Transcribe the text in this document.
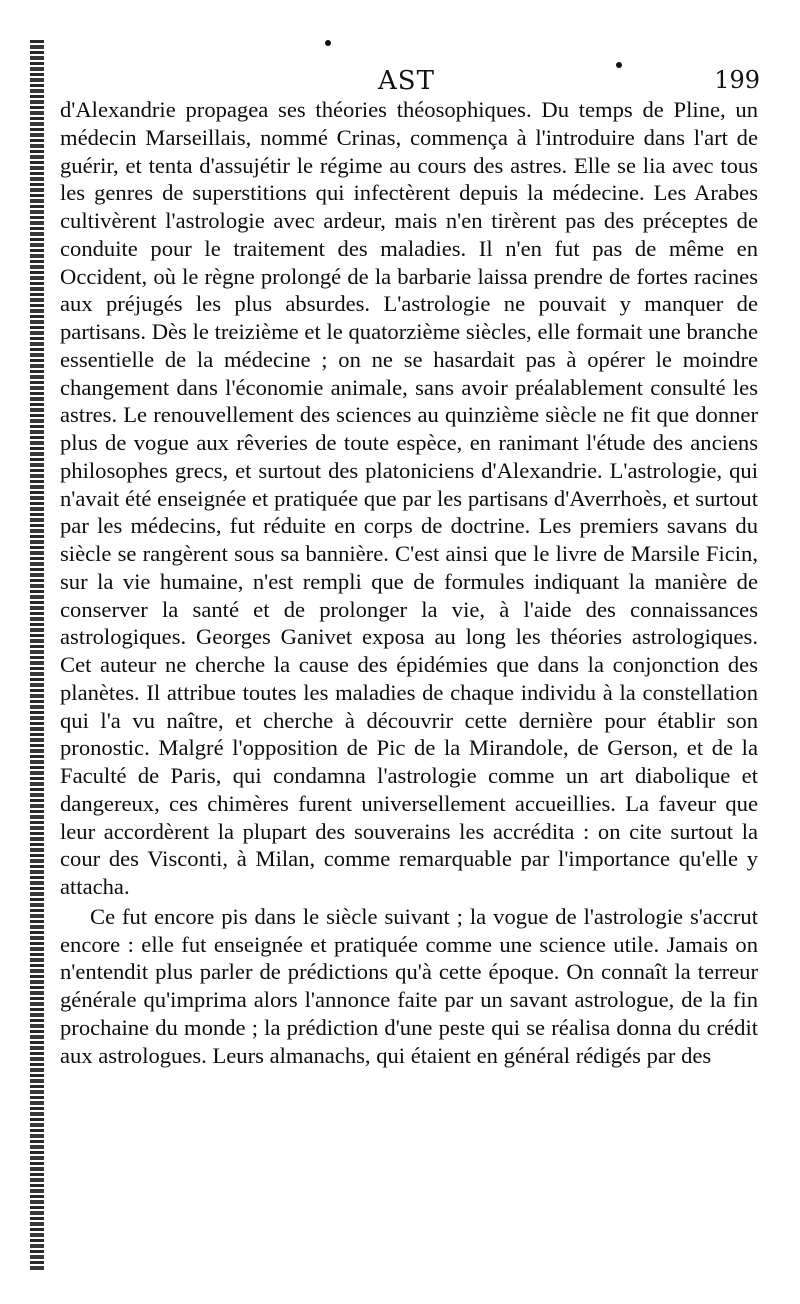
AST	199

d'Alexandrie propagea ses théories théosophiques. Du temps de Pline, un médecin Marseillais, nommé Crinas, commença à l'introduire dans l'art de guérir, et tenta d'assujétir le régime au cours des astres. Elle se lia avec tous les genres de superstitions qui infectèrent depuis la médecine. Les Arabes cultivèrent l'astrologie avec ardeur, mais n'en tirèrent pas des préceptes de conduite pour le traitement des maladies. Il n'en fut pas de même en Occident, où le règne prolongé de la barbarie laissa prendre de fortes racines aux préjugés les plus absurdes. L'astrologie ne pouvait y manquer de partisans. Dès le treizième et le quatorzième siècles, elle formait une branche essentielle de la médecine ; on ne se hasardait pas à opérer le moindre changement dans l'économie animale, sans avoir préalablement consulté les astres. Le renouvellement des sciences au quinzième siècle ne fit que donner plus de vogue aux rêveries de toute espèce, en ranimant l'étude des anciens philosophes grecs, et surtout des platoniciens d'Alexandrie. L'astrologie, qui n'avait été enseignée et pratiquée que par les partisans d'Averrhoès, et surtout par les médecins, fut réduite en corps de doctrine. Les premiers savans du siècle se rangèrent sous sa bannière. C'est ainsi que le livre de Marsile Ficin, sur la vie humaine, n'est rempli que de formules indiquant la manière de conserver la santé et de prolonger la vie, à l'aide des connaissances astrologiques. Georges Ganivet exposa au long les théories astrologiques. Cet auteur ne cherche la cause des épidémies que dans la conjonction des planètes. Il attribue toutes les maladies de chaque individu à la constellation qui l'a vu naître, et cherche à découvrir cette dernière pour établir son pronostic. Malgré l'opposition de Pic de la Mirandole, de Gerson, et de la Faculté de Paris, qui condamna l'astrologie comme un art diabolique et dangereux, ces chimères furent universellement accueillies. La faveur que leur accordèrent la plupart des souverains les accrédita : on cite surtout la cour des Visconti, à Milan, comme remarquable par l'importance qu'elle y attacha.

Ce fut encore pis dans le siècle suivant ; la vogue de l'astrologie s'accrut encore : elle fut enseignée et pratiquée comme une science utile. Jamais on n'entendit plus parler de prédictions qu'à cette époque. On connaît la terreur générale qu'imprima alors l'annonce faite par un savant astrologue, de la fin prochaine du monde ; la prédiction d'une peste qui se réalisa donna du crédit aux astrologues. Leurs almanachs, qui étaient en général rédigés par des
